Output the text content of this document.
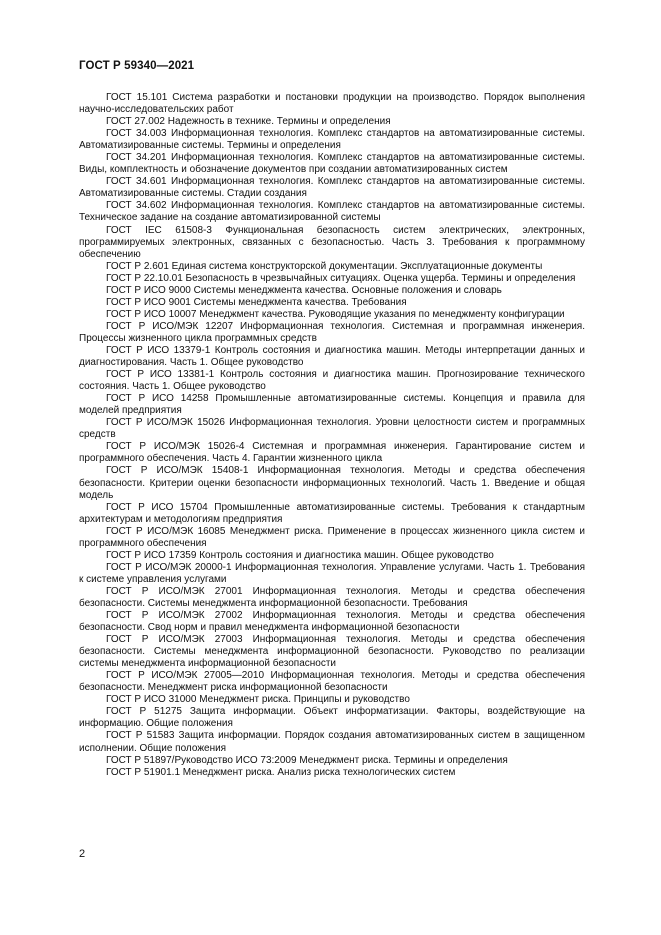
ГОСТ Р 59340—2021

ГОСТ 15.101 Система разработки и постановки продукции на производство. Порядок выполнения научно-исследовательских работ

ГОСТ 27.002 Надежность в технике. Термины и определения

ГОСТ 34.003 Информационная технология. Комплекс стандартов на автоматизированные системы. Автоматизированные системы. Термины и определения

ГОСТ 34.201 Информационная технология. Комплекс стандартов на автоматизированные системы. Виды, комплектность и обозначение документов при создании автоматизированных систем

ГОСТ 34.601 Информационная технология. Комплекс стандартов на автоматизированные системы. Автоматизированные системы. Стадии создания

ГОСТ 34.602 Информационная технология. Комплекс стандартов на автоматизированные системы. Техническое задание на создание автоматизированной системы

ГОСТ IEC 61508-3 Функциональная безопасность систем электрических, электронных, программируемых электронных, связанных с безопасностью. Часть 3. Требования к программному обеспечению

ГОСТ Р 2.601 Единая система конструкторской документации. Эксплуатационные документы

ГОСТ Р 22.10.01 Безопасность в чрезвычайных ситуациях. Оценка ущерба. Термины и определения

ГОСТ Р ИСО 9000 Системы менеджмента качества. Основные положения и словарь

ГОСТ Р ИСО 9001 Системы менеджмента качества. Требования

ГОСТ Р ИСО 10007 Менеджмент качества. Руководящие указания по менеджменту конфигурации

ГОСТ Р ИСО/МЭК 12207 Информационная технология. Системная и программная инженерия. Процессы жизненного цикла программных средств

ГОСТ Р ИСО 13379-1 Контроль состояния и диагностика машин. Методы интерпретации данных и диагностирования. Часть 1. Общее руководство

ГОСТ Р ИСО 13381-1 Контроль состояния и диагностика машин. Прогнозирование технического состояния. Часть 1. Общее руководство

ГОСТ Р ИСО 14258 Промышленные автоматизированные системы. Концепция и правила для моделей предприятия

ГОСТ Р ИСО/МЭК 15026 Информационная технология. Уровни целостности систем и программных средств

ГОСТ Р ИСО/МЭК 15026-4 Системная и программная инженерия. Гарантирование систем и программного обеспечения. Часть 4. Гарантии жизненного цикла

ГОСТ Р ИСО/МЭК 15408-1 Информационная технология. Методы и средства обеспечения безопасности. Критерии оценки безопасности информационных технологий. Часть 1. Введение и общая модель

ГОСТ Р ИСО 15704 Промышленные автоматизированные системы. Требования к стандартным архитектурам и методологиям предприятия

ГОСТ Р ИСО/МЭК 16085 Менеджмент риска. Применение в процессах жизненного цикла систем и программного обеспечения

ГОСТ Р ИСО 17359 Контроль состояния и диагностика машин. Общее руководство

ГОСТ Р ИСО/МЭК 20000-1 Информационная технология. Управление услугами. Часть 1. Требования к системе управления услугами

ГОСТ Р ИСО/МЭК 27001 Информационная технология. Методы и средства обеспечения безопасности. Системы менеджмента информационной безопасности. Требования

ГОСТ Р ИСО/МЭК 27002 Информационная технология. Методы и средства обеспечения безопасности. Свод норм и правил менеджмента информационной безопасности

ГОСТ Р ИСО/МЭК 27003 Информационная технология. Методы и средства обеспечения безопасности. Системы менеджмента информационной безопасности. Руководство по реализации системы менеджмента информационной безопасности

ГОСТ Р ИСО/МЭК 27005—2010 Информационная технология. Методы и средства обеспечения безопасности. Менеджмент риска информационной безопасности

ГОСТ Р ИСО 31000 Менеджмент риска. Принципы и руководство

ГОСТ Р 51275 Защита информации. Объект информатизации. Факторы, воздействующие на информацию. Общие положения

ГОСТ Р 51583 Защита информации. Порядок создания автоматизированных систем в защищенном исполнении. Общие положения

ГОСТ Р 51897/Руководство ИСО 73:2009 Менеджмент риска. Термины и определения

ГОСТ Р 51901.1 Менеджмент риска. Анализ риска технологических систем

2
